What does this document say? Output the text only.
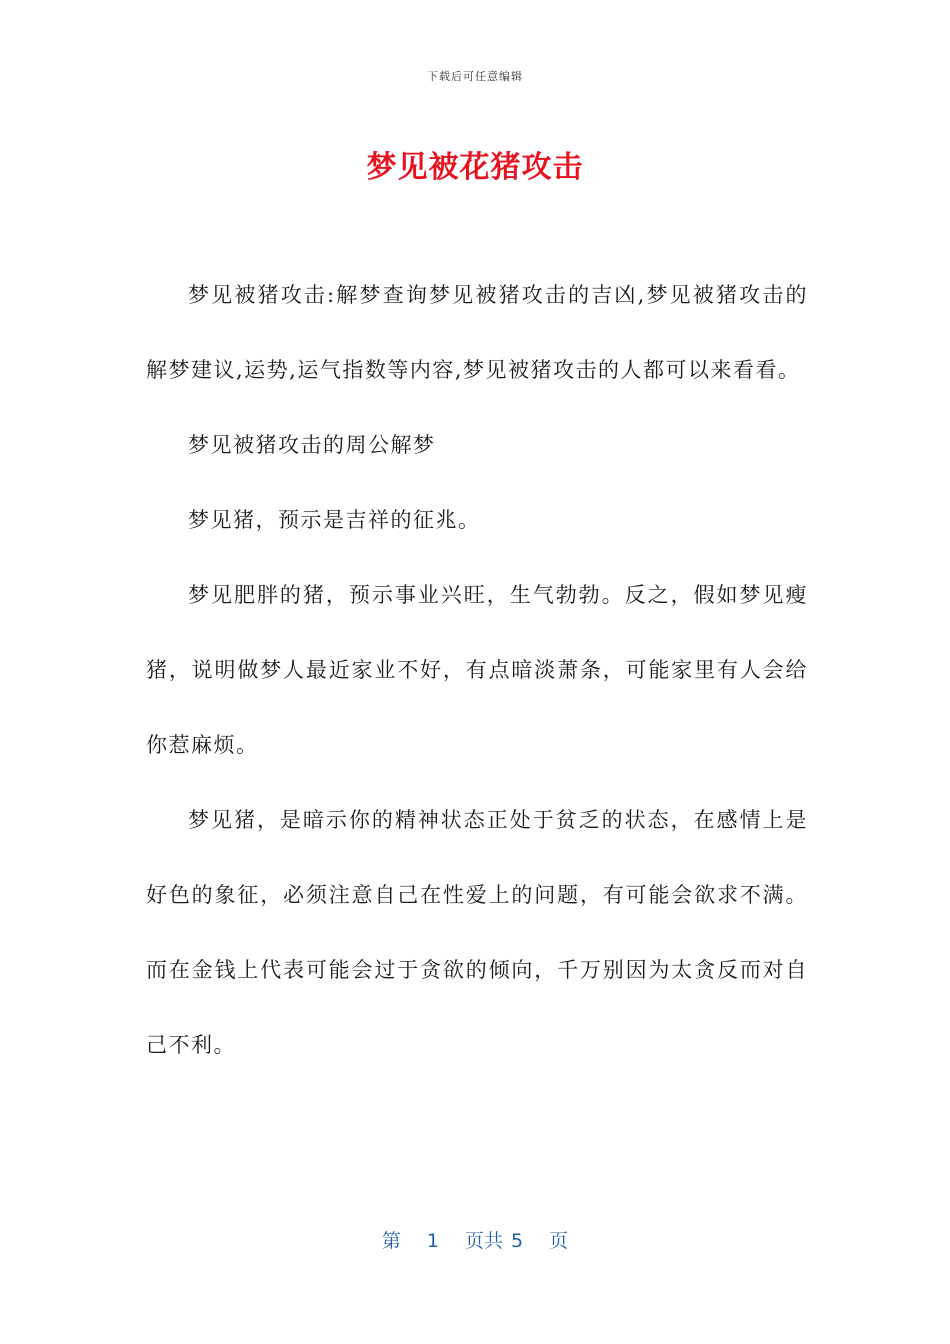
下载后可任意编辑
梦见被花猪攻击

梦见被猪攻击:解梦查询梦见被猪攻击的吉凶,梦见被猪攻击的解梦建议,运势,运气指数等内容,梦见被猪攻击的人都可以来看看。

梦见被猪攻击的周公解梦

梦见猪，预示是吉祥的征兆。

梦见肥胖的猪，预示事业兴旺，生气勃勃。反之，假如梦见瘦猪，说明做梦人最近家业不好，有点暗淡萧条，可能家里有人会给你惹麻烦。

梦见猪，是暗示你的精神状态正处于贫乏的状态，在感情上是好色的象征，必须注意自己在性爱上的问题，有可能会欲求不满。而在金钱上代表可能会过于贪欲的倾向，千万别因为太贪反而对自己不利。

第 1 页共 5 页
